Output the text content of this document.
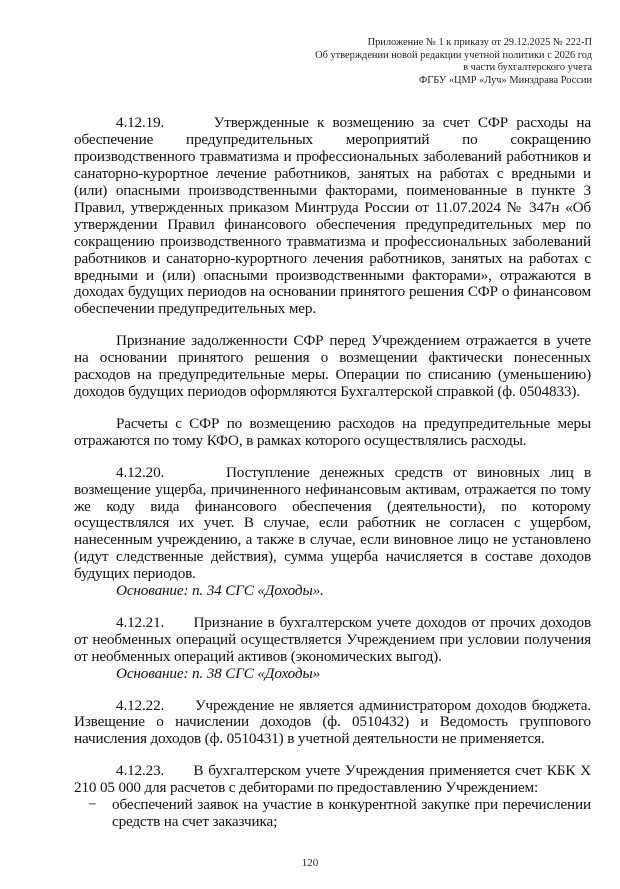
Приложение № 1 к приказу от 29.12.2025 № 222-П
Об утверждении новой редакции учетной политики с 2026 год
в части бухгалтерского учета
ФГБУ «ЦМР «Луч» Минздрава России

4.12.19.	Утвержденные к возмещению за счет СФР расходы на обеспечение предупредительных мероприятий по сокращению производственного травматизма и профессиональных заболеваний работников и санаторно-курортное лечение работников, занятых на работах с вредными и (или) опасными производственными факторами, поименованные в пункте 3 Правил, утвержденных приказом Минтруда России от 11.07.2024 № 347н «Об утверждении Правил финансового обеспечения предупредительных мер по сокращению производственного травматизма и профессиональных заболеваний работников и санаторно-курортного лечения работников, занятых на работах с вредными и (или) опасными производственными факторами», отражаются в доходах будущих периодов на основании принятого решения СФР о финансовом обеспечении предупредительных мер.

Признание задолженности СФР перед Учреждением отражается в учете на основании принятого решения о возмещении фактически понесенных расходов на предупредительные меры. Операции по списанию (уменьшению) доходов будущих периодов оформляются Бухгалтерской справкой (ф. 0504833).

Расчеты с СФР по возмещению расходов на предупредительные меры отражаются по тому КФО, в рамках которого осуществлялись расходы.

4.12.20.	Поступление денежных средств от виновных лиц в возмещение ущерба, причиненного нефинансовым активам, отражается по тому же коду вида финансового обеспечения (деятельности), по которому осуществлялся их учет. В случае, если работник не согласен с ущербом, нанесенным учреждению, а также в случае, если виновное лицо не установлено (идут следственные действия), сумма ущерба начисляется в составе доходов будущих периодов.

Основание: п. 34 СГС «Доходы».

4.12.21. Признание в бухгалтерском учете доходов от прочих доходов от необменных операций осуществляется Учреждением при условии получения от необменных операций активов (экономических выгод).

Основание: п. 38 СГС «Доходы»

4.12.22. Учреждение не является администратором доходов бюджета. Извещение о начислении доходов (ф. 0510432) и Ведомость группового начисления доходов (ф. 0510431) в учетной деятельности не применяется.

4.12.23. В бухгалтерском учете Учреждения применяется счет КБК Х 210 05 000 для расчетов с дебиторами по предоставлению Учреждением:

− обеспечений заявок на участие в конкурентной закупке при перечислении средств на счет заказчика;
120
